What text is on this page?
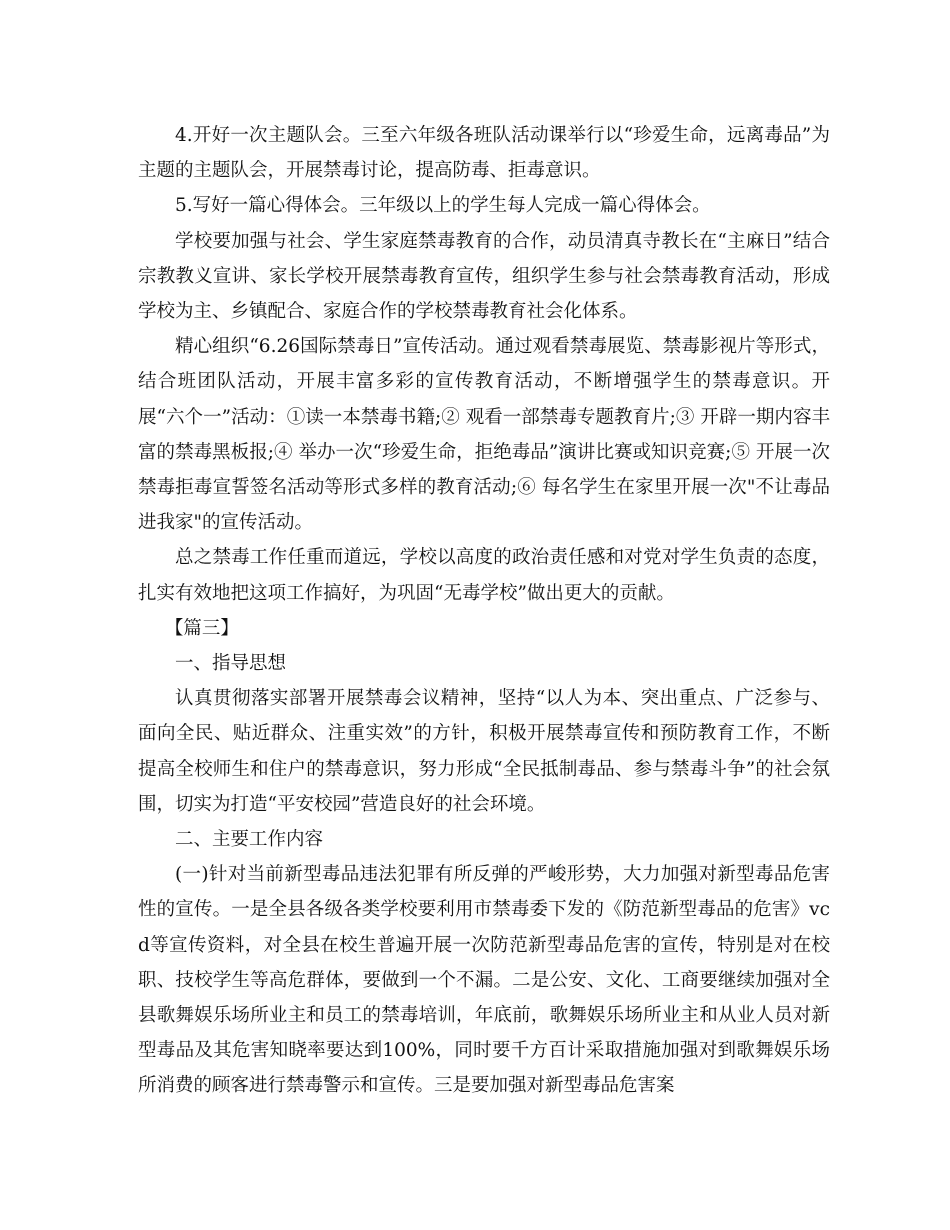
4.开好一次主题队会。三至六年级各班队活动课举行以“珍爱生命，远离毒品”为主题的主题队会，开展禁毒讨论，提高防毒、拒毒意识。

5.写好一篇心得体会。三年级以上的学生每人完成一篇心得体会。

学校要加强与社会、学生家庭禁毒教育的合作，动员清真寺教长在“主麻日”结合宗教教义宣讲、家长学校开展禁毒教育宣传，组织学生参与社会禁毒教育活动，形成学校为主、乡镇配合、家庭合作的学校禁毒教育社会化体系。

精心组织“6.26国际禁毒日”宣传活动。通过观看禁毒展览、禁毒影视片等形式，结合班团队活动，开展丰富多彩的宣传教育活动，不断增强学生的禁毒意识。开展“六个一”活动：①读一本禁毒书籍;② 观看一部禁毒专题教育片;③ 开辟一期内容丰富的禁毒黑板报;④ 举办一次“珍爱生命，拒绝毒品”演讲比赛或知识竞赛;⑤ 开展一次禁毒拒毒宣誓签名活动等形式多样的教育活动;⑥ 每名学生在家里开展一次"不让毒品进我家"的宣传活动。

总之禁毒工作任重而道远，学校以高度的政治责任感和对党对学生负责的态度，扎实有效地把这项工作搞好，为巩固“无毒学校”做出更大的贡献。

【篇三】

一、指导思想

认真贯彻落实部署开展禁毒会议精神，坚持“以人为本、突出重点、广泛参与、面向全民、贴近群众、注重实效”的方针，积极开展禁毒宣传和预防教育工作，不断提高全校师生和住户的禁毒意识，努力形成“全民抵制毒品、参与禁毒斗争”的社会氛围，切实为打造“平安校园”营造良好的社会环境。

二、主要工作内容

(一)针对当前新型毒品违法犯罪有所反弹的严峻形势，大力加强对新型毒品危害性的宣传。一是全县各级各类学校要利用市禁毒委下发的《防范新型毒品的危害》vcd等宣传资料，对全县在校生普遍开展一次防范新型毒品危害的宣传，特别是对在校职、技校学生等高危群体，要做到一个不漏。二是公安、文化、工商要继续加强对全县歌舞娱乐场所业主和员工的禁毒培训，年底前，歌舞娱乐场所业主和从业人员对新型毒品及其危害知晓率要达到100%，同时要千方百计采取措施加强对到歌舞娱乐场所消费的顾客进行禁毒警示和宣传。三是要加强对新型毒品危害案
